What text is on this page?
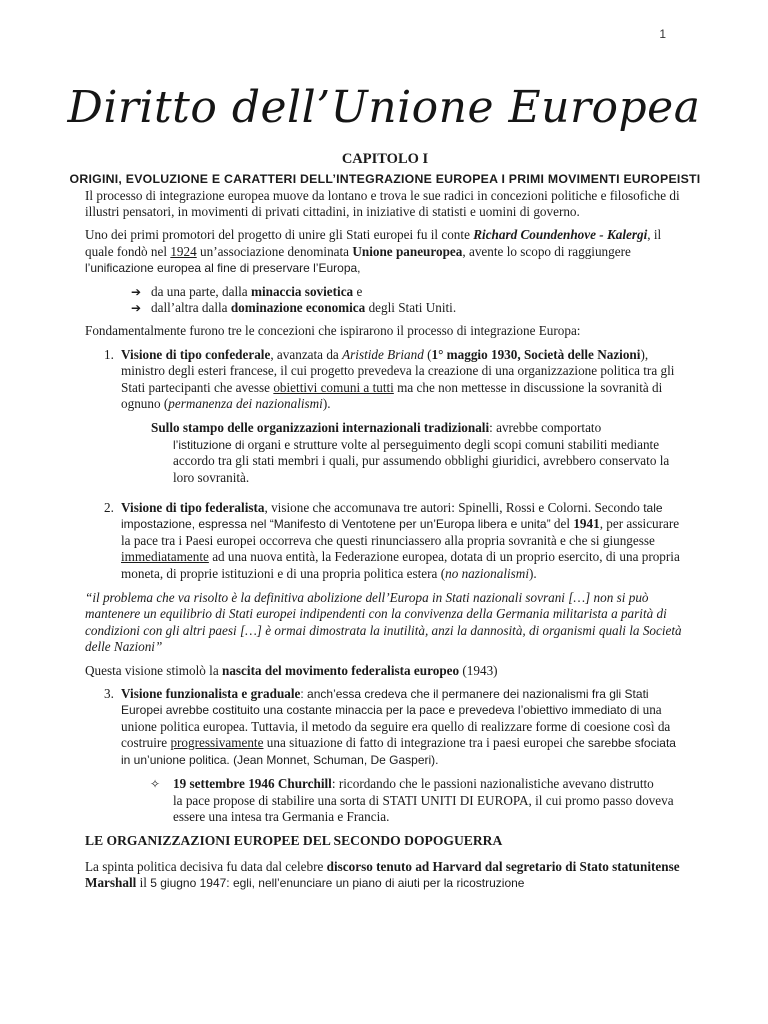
1
Diritto dell’Unione Europea
CAPITOLO I
ORIGINI, EVOLUZIONE E CARATTERI DELL’INTEGRAZIONE EUROPEA I PRIMI MOVIMENTI EUROPEISTI

Il processo di integrazione europea muove da lontano e trova le sue radici in concezioni politiche e filosofiche di illustri pensatori, in movimenti di privati cittadini, in iniziative di statisti e uomini di governo.

Uno dei primi promotori del progetto di unire gli Stati europei fu il conte Richard Coundenhove - Kalergi, il quale fondò nel 1924 un’associazione denominata Unione paneuropea, avente lo scopo di raggiungere l’unificazione europea al fine di preservare l’Europa,

➔ da una parte, dalla minaccia sovietica e
➔ dall’altra dalla dominazione economica degli Stati Uniti.

Fondamentalmente furono tre le concezioni che ispirarono il processo di integrazione Europa:

1. Visione di tipo confederale, avanzata da Aristide Briand (1° maggio 1930, Società delle Nazioni), ministro degli esteri francese, il cui progetto prevedeva la creazione di una organizzazione politica tra gli Stati partecipanti che avesse obiettivi comuni a tutti ma che non mettesse in discussione la sovranità di ognuno (permanenza dei nazionalismi).
Sullo stampo delle organizzazioni internazionali tradizionali: avrebbe comportato
l’istituzione di organi e strutture volte al perseguimento degli scopi comuni stabiliti mediante accordo tra gli stati membri i quali, pur assumendo obblighi giuridici, avrebbero conservato la loro sovranità.
2. Visione di tipo federalista, visione che accomunava tre autori: Spinelli, Rossi e Colorni. Secondo tale impostazione, espressa nel “Manifesto di Ventotene per un’Europa libera e unita” del 1941, per assicurare la pace tra i Paesi europei occorreva che questi rinunciassero alla propria sovranità e che si giungesse immediatamente ad una nuova entità, la Federazione europea, dotata di un proprio esercito, di una propria moneta, di proprie istituzioni e di una propria politica estera (no nazionalismi).

“il problema che va risolto è la definitiva abolizione dell’Europa in Stati nazionali sovrani […] non si può mantenere un equilibrio di Stati europei indipendenti con la convivenza della Germania militarista a parità di condizioni con gli altri paesi […] è ormai dimostrata la inutilità, anzi la dannosità, di organismi quali la Società delle Nazioni”

Questa visione stimolò la nascita del movimento federalista europeo (1943)

3. Visione funzionalista e graduale: anch’essa credeva che il permanere dei nazionalismi fra gli Stati Europei avrebbe costituito una costante minaccia per la pace e prevedeva l’obiettivo immediato di una unione politica europea. Tuttavia, il metodo da seguire era quello di realizzare forme di coesione così da costruire progressivamente una situazione di fatto di integrazione tra i paesi europei che sarebbe sfociata in un’unione politica. (Jean Monnet, Schuman, De Gasperi).
✧ 19 settembre 1946 Churchill: ricordando che le passioni nazionalistiche avevano distrutto
la pace propose di stabilire una sorta di STATI UNITI DI EUROPA, il cui promo passo doveva essere una intesa tra Germania e Francia.
LE ORGANIZZAZIONI EUROPEE DEL SECONDO DOPOGUERRA

La spinta politica decisiva fu data dal celebre discorso tenuto ad Harvard dal segretario di Stato statunitense Marshall il 5 giugno 1947: egli, nell’enunciare un piano di aiuti per la ricostruzione
